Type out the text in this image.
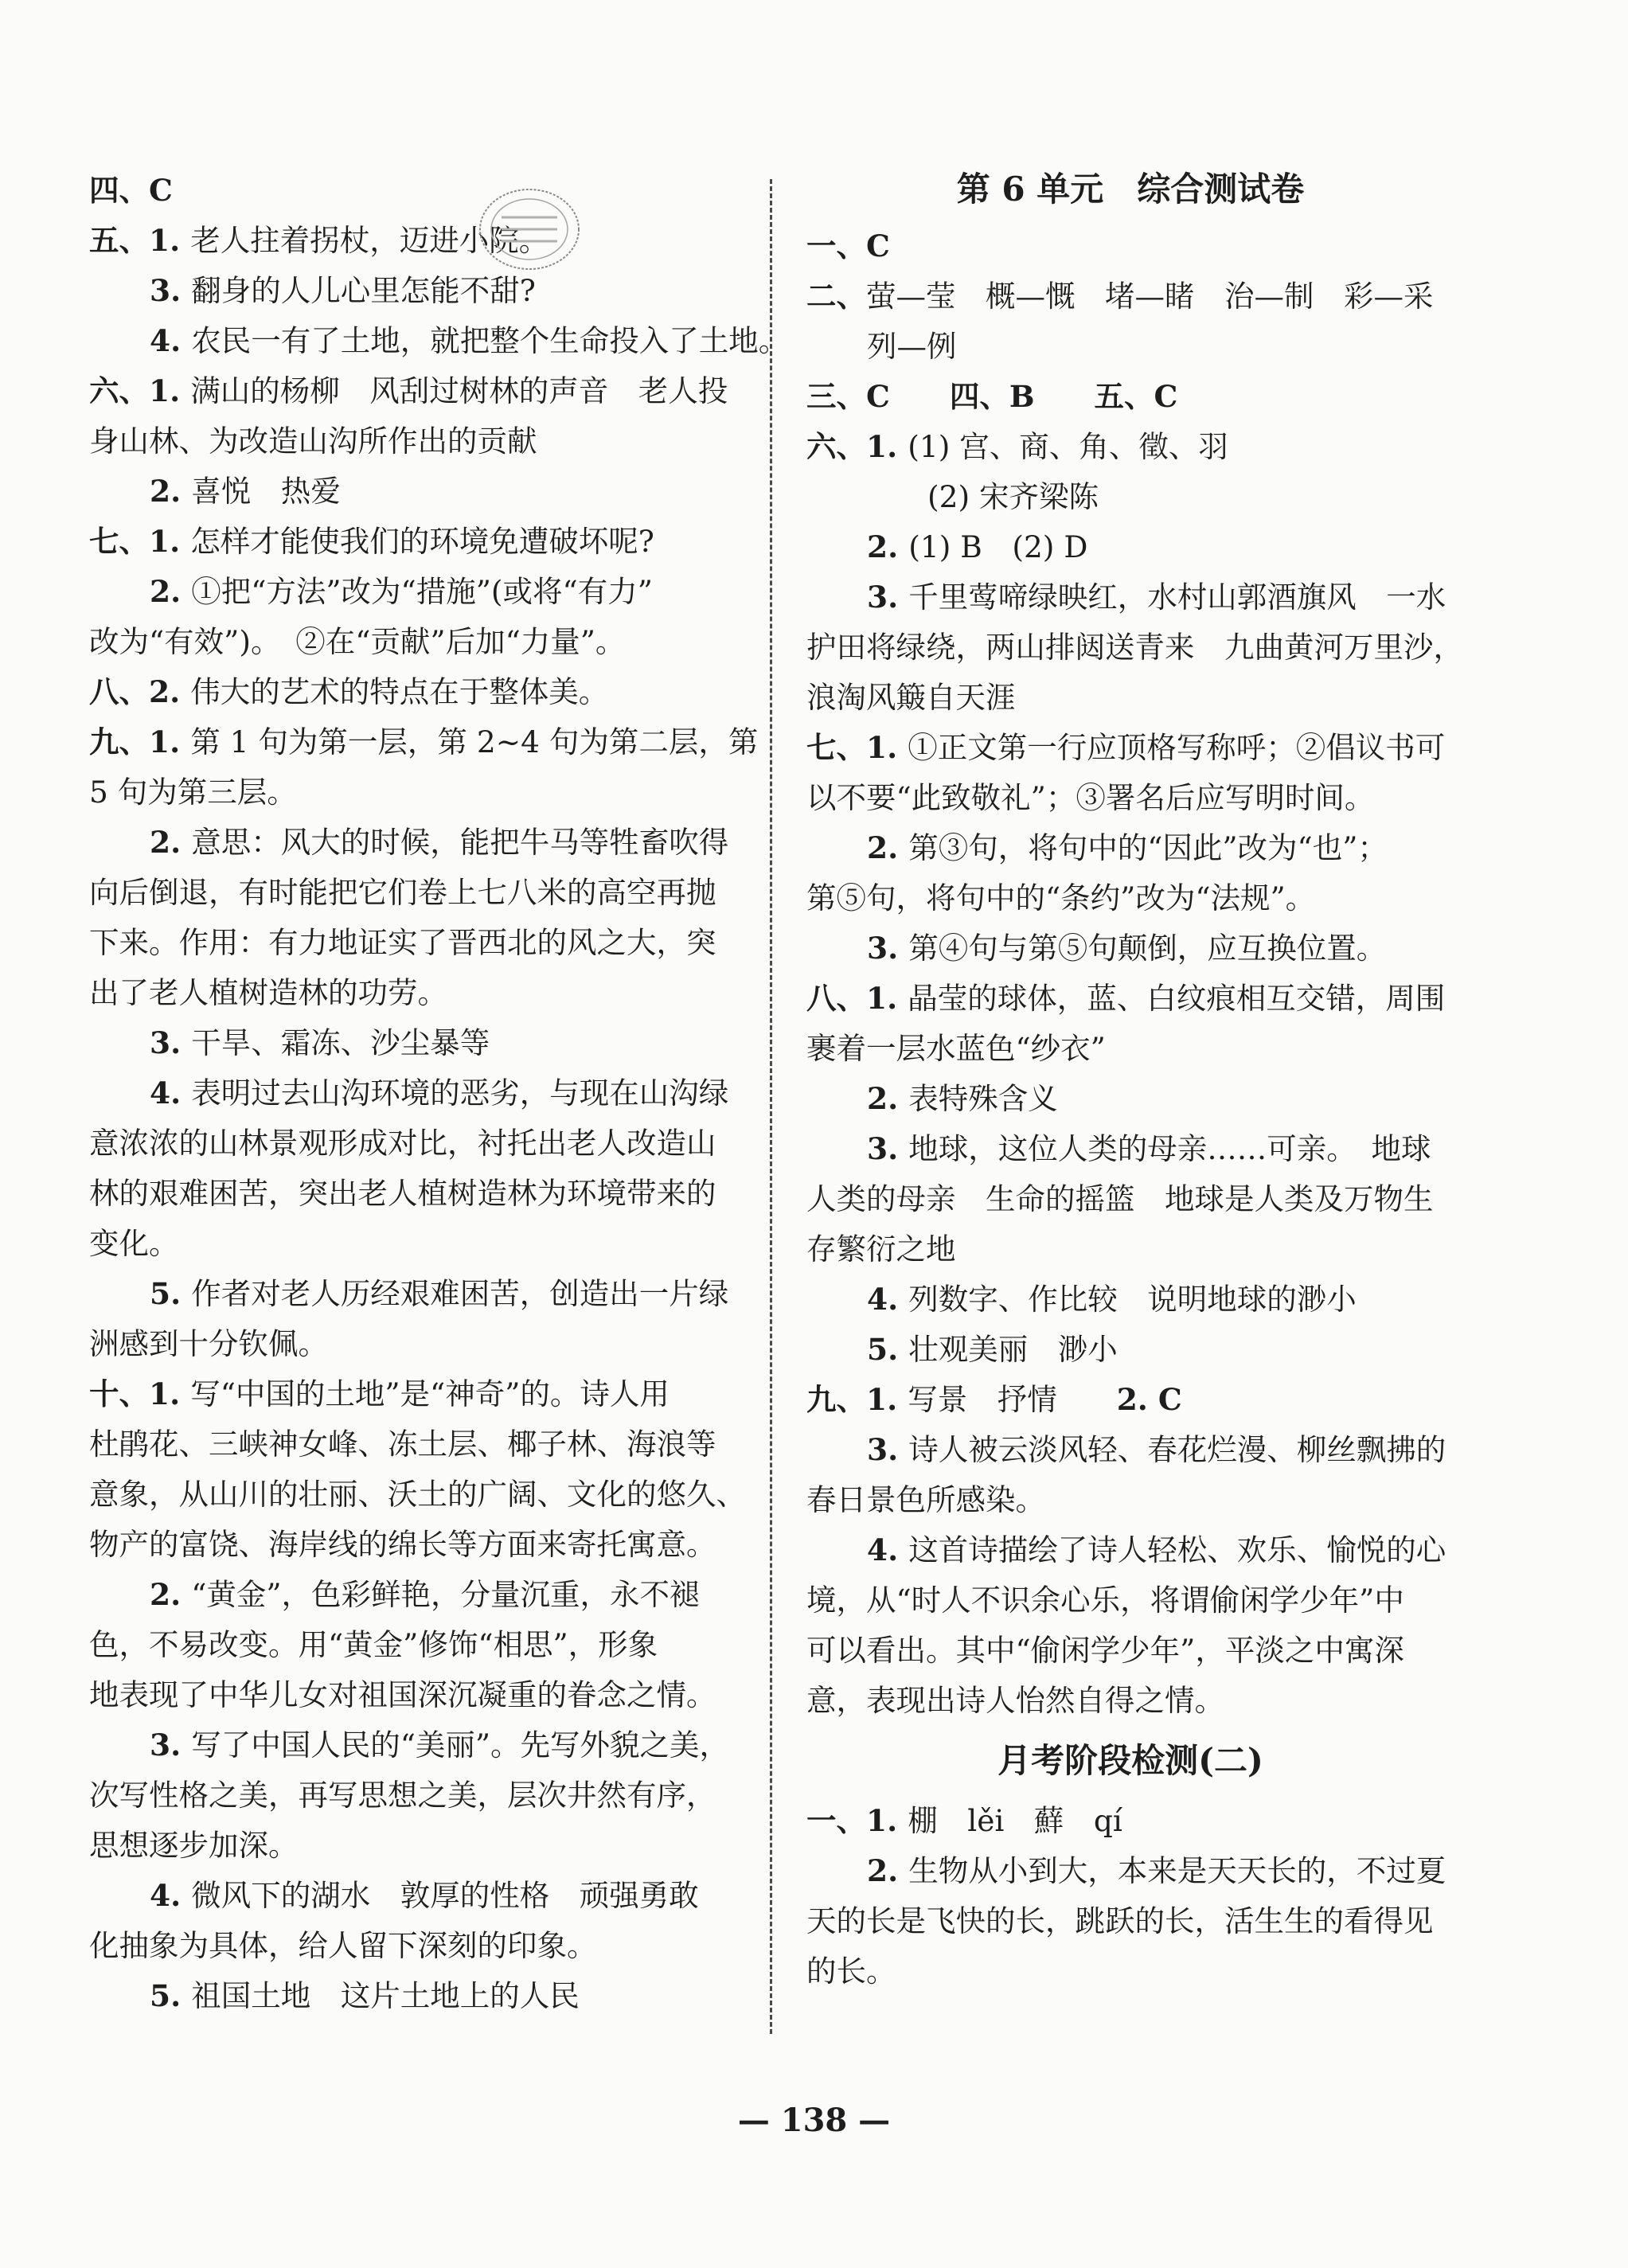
四、C
五、1. 老人拄着拐杖，迈进小院。
3. 翻身的人儿心里怎能不甜?
4. 农民一有了土地，就把整个生命投入了土地。
六、1. 满山的杨柳　风刮过树林的声音　老人投
身山林、为改造山沟所作出的贡献
2. 喜悦　热爱
七、1. 怎样才能使我们的环境免遭破坏呢?
2. ①把“方法”改为“措施”(或将“有力”
改为“有效”)。　②在“贡献”后加“力量”。
八、2. 伟大的艺术的特点在于整体美。
九、1. 第 1 句为第一层，第 2~4 句为第二层，第
5 句为第三层。
2. 意思：风大的时候，能把牛马等牲畜吹得
向后倒退，有时能把它们卷上七八米的高空再抛
下来。作用：有力地证实了晋西北的风之大，突
出了老人植树造林的功劳。
3. 干旱、霜冻、沙尘暴等
4. 表明过去山沟环境的恶劣，与现在山沟绿
意浓浓的山林景观形成对比，衬托出老人改造山
林的艰难困苦，突出老人植树造林为环境带来的
变化。
5. 作者对老人历经艰难困苦，创造出一片绿
洲感到十分钦佩。
十、1. 写“中国的土地”是“神奇”的。诗人用
杜鹃花、三峡神女峰、冻土层、椰子林、海浪等
意象，从山川的壮丽、沃土的广阔、文化的悠久、
物产的富饶、海岸线的绵长等方面来寄托寓意。
2. “黄金”，色彩鲜艳，分量沉重，永不褪
色，不易改变。用“黄金”修饰“相思”，形象
地表现了中华儿女对祖国深沉凝重的眷念之情。
3. 写了中国人民的“美丽”。先写外貌之美，
次写性格之美，再写思想之美，层次井然有序，
思想逐步加深。
4. 微风下的湖水　敦厚的性格　顽强勇敢
化抽象为具体，给人留下深刻的印象。
5. 祖国土地　这片土地上的人民
第 6 单元　综合测试卷
一、C
二、萤—莹　概—慨　堵—睹　治—制　彩—采
列—例
三、C　　四、B　　五、C
六、1. (1) 宫、商、角、徵、羽
(2) 宋齐梁陈
2. (1) B　(2) D
3. 千里莺啼绿映红，水村山郭酒旗风　一水
护田将绿绕，两山排闼送青来　九曲黄河万里沙，
浪淘风簸自天涯
七、1. ①正文第一行应顶格写称呼；②倡议书可
以不要“此致敬礼”；③署名后应写明时间。
2. 第③句，将句中的“因此”改为“也”；
第⑤句，将句中的“条约”改为“法规”。
3. 第④句与第⑤句颠倒，应互换位置。
八、1. 晶莹的球体，蓝、白纹痕相互交错，周围
裹着一层水蓝色“纱衣”
2. 表特殊含义
3. 地球，这位人类的母亲……可亲。　地球
人类的母亲　生命的摇篮　地球是人类及万物生
存繁衍之地
4. 列数字、作比较　说明地球的渺小
5. 壮观美丽　渺小
九、1. 写景　抒情　　2. C
3. 诗人被云淡风轻、春花烂漫、柳丝飘拂的
春日景色所感染。
4. 这首诗描绘了诗人轻松、欢乐、愉悦的心
境，从“时人不识余心乐，将谓偷闲学少年”中
可以看出。其中“偷闲学少年”，平淡之中寓深
意，表现出诗人怡然自得之情。
月考阶段检测(二)
一、1. 棚　lěi　蘚　qí
2. 生物从小到大，本来是天天长的，不过夏
天的长是飞快的长，跳跃的长，活生生的看得见
的长。
— 138 —
